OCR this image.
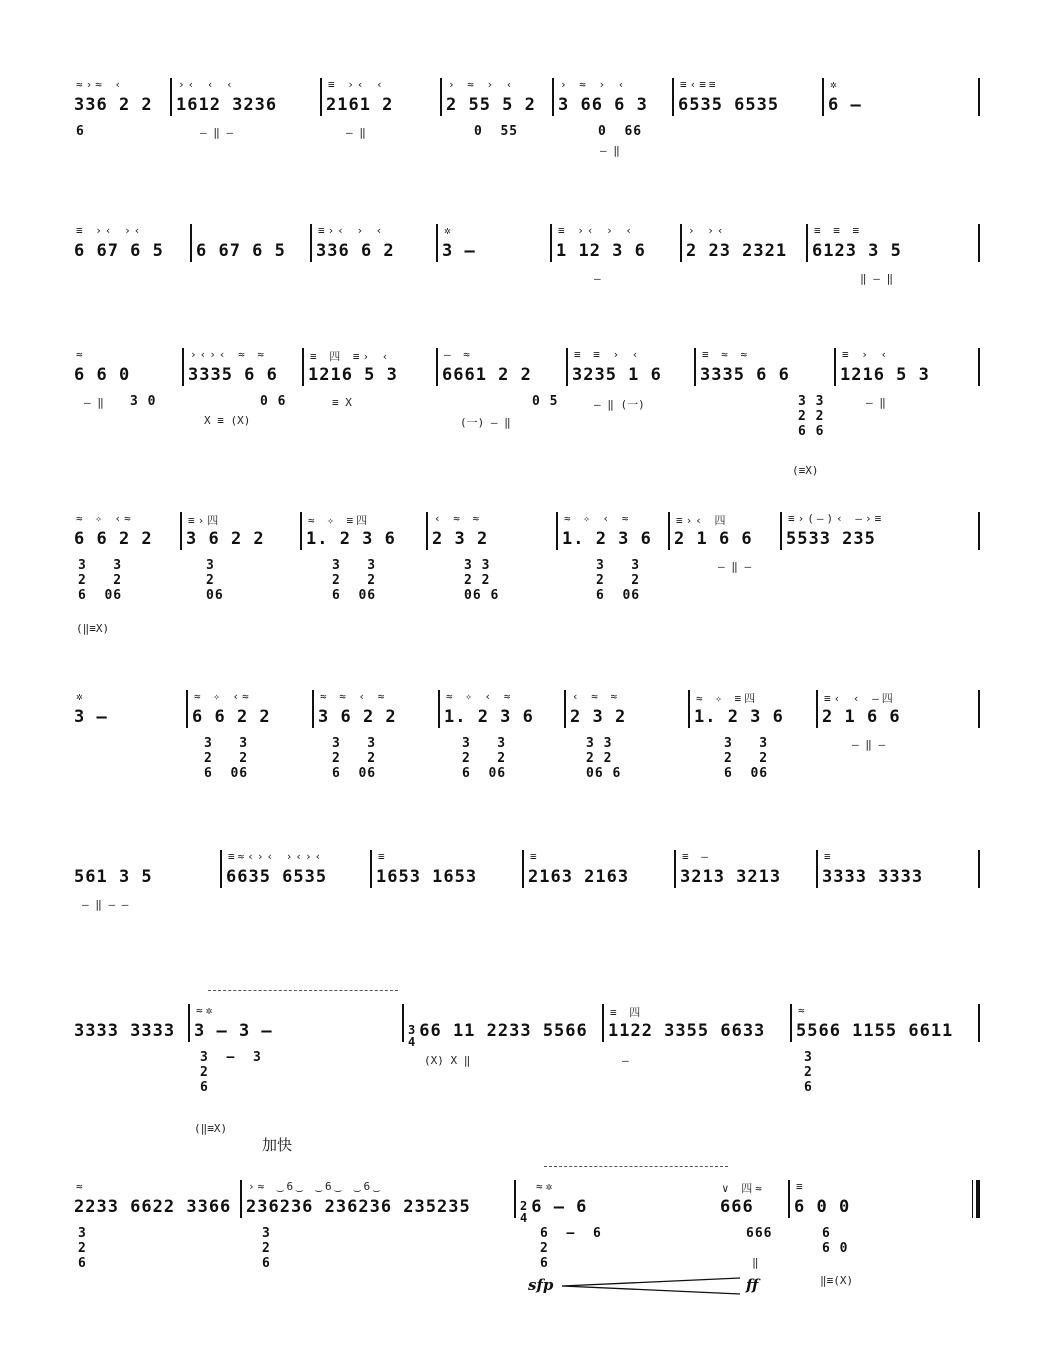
≈›≈ ‹
336 2 2
›‹ ‹ ‹
1612 3236
≡ ›‹ ‹
2161 2
› ≈ › ‹
2 55 5 2
› ≈ › ‹
3 66 6 3
≡‹≡≡
6535 6535
✲
6 –
6	— ‖ —	— ‖	0  55	0  66
— ‖
≡ ›‹ ›‹
6 67 6 5 6 67 6 5
≡›‹ › ‹
336 6 2
✲
3 –
≡ ›‹ › ‹
1 12 3 6
› ›‹
2 23 2321
≡ ≡ ≡
6123 3 5
—	‖ — ‖
≈
6 6 0
›‹›‹ ≈ ≈
3335 6 6
≡ 四 ≡› ‹
1216 5 3
— ≈
6661 2 2
≡ ≡ › ‹
3235 1 6
≡ ≈ ≈
3335 6 6
≡ › ‹
1216 5 3
— ‖ 3 0	0 6
X ≡ (X)
≡ X	0 5
(一) — ‖
— ‖ (一)	3 3
2 2
6 6
(≡X)
— ‖
≈ ✧ ‹≈
6 6 2 2
≡›四
3 6 2 2
≈ ✧ ≡四
1. 2 3 6
‹ ≈ ≈
2 3 2
≈ ✧ ‹ ≈
1. 2 3 6
≡›‹ 四
2 1 6 6
≡›(—)‹ —›≡
5533 235
3   3
2   2
6  06
(‖≡X)
3
2
06
3   3
2   2
6  06
3 3
2 2
06 6
3   3
2   2
6  06
— ‖ —
✲
3 –
≈ ✧ ‹≈
6 6 2 2
≈ ≈ ‹ ≈
3 6 2 2
≈ ✧ ‹ ≈
1. 2 3 6
‹ ≈ ≈
2 3 2
≈ ✧ ≡四
1. 2 3 6
≡‹ ‹ —四
2 1 6 6
3   3
2   2
6  06
3   3
2   2
6  06
3   3
2   2
6  06
3 3
2 2
06 6
3   3
2   2
6  06
— ‖ —
561 3 5
≡≈‹›‹ ›‹›‹
6635 6535
≡
1653 1653
≡
2163 2163
≡ —
3213 3213
≡
3333 3333
— ‖ — —
3333 3333
≈✲
3 – 3 –	3
4
66 11 2233 5566
≡ 四
1122 3355 6633
≈
5566 1155 6611
3  –  3
2
6
(‖≡X)
(X) X ‖	—	3
2
6
加快
≈
2233 6622 3366
›≈ ‿6‿ ‿6‿ ‿6‿
236236 236236 235235	2
4
≈✲
6 – 6
∨ 四≈
666
≡
6 0 0
3
2
6
3
2
6
6  –  6
2
6
666
‖
6
6 0
‖≡(X)
sfp	ff
